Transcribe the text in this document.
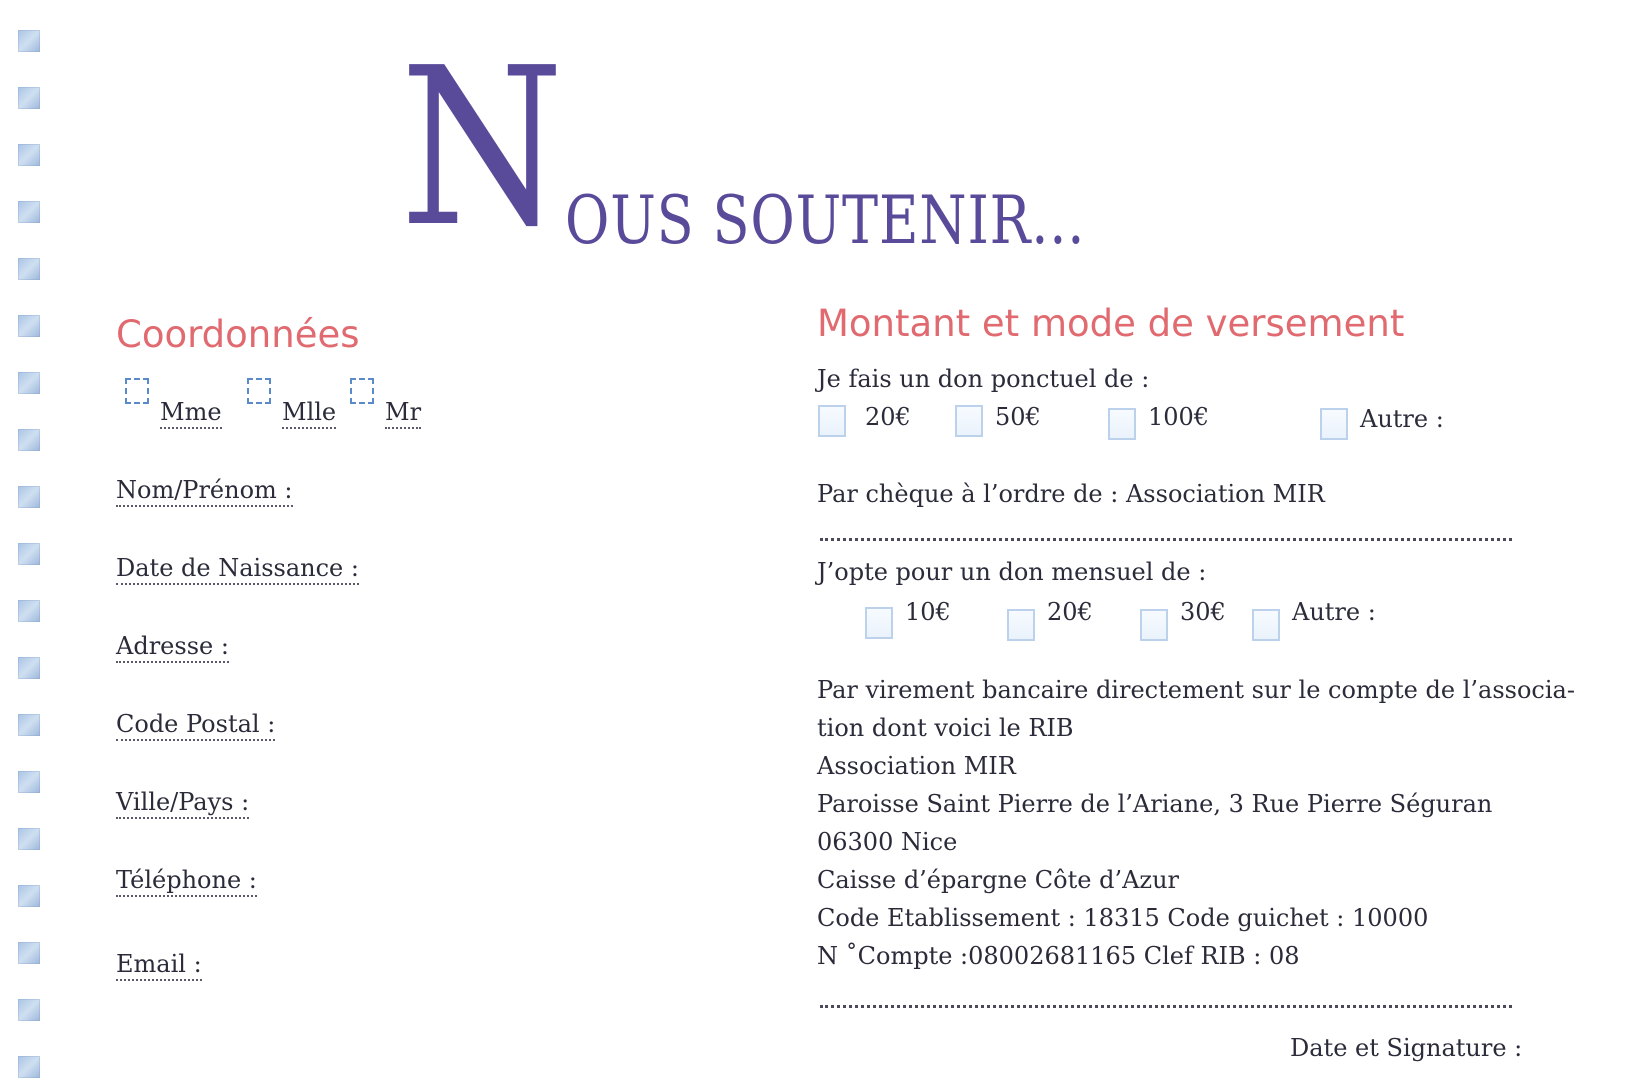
N OUS SOUTENIR...
Coordonnées
Mme	Mlle Mr
Nom/Prénom :
Date de Naissance :
Adresse :
Code Postal :
Ville/Pays :
Téléphone :
Email :
Montant et mode de versement
Je fais un don ponctuel de :
20€	50€	100€	Autre :
Par chèque à l’ordre de : Association MIR
J’opte pour un don mensuel de :
10€	20€	30€	Autre :
Par virement bancaire directement sur le compte de l’associa-
tion dont voici le RIB
Association MIR
Paroisse Saint Pierre de l’Ariane, 3 Rue Pierre Séguran
06300 Nice
Caisse d’épargne Côte d’Azur
Code Etablissement : 18315 Code guichet : 10000
N ˚Compte :08002681165 Clef RIB : 08
Date et Signature :
